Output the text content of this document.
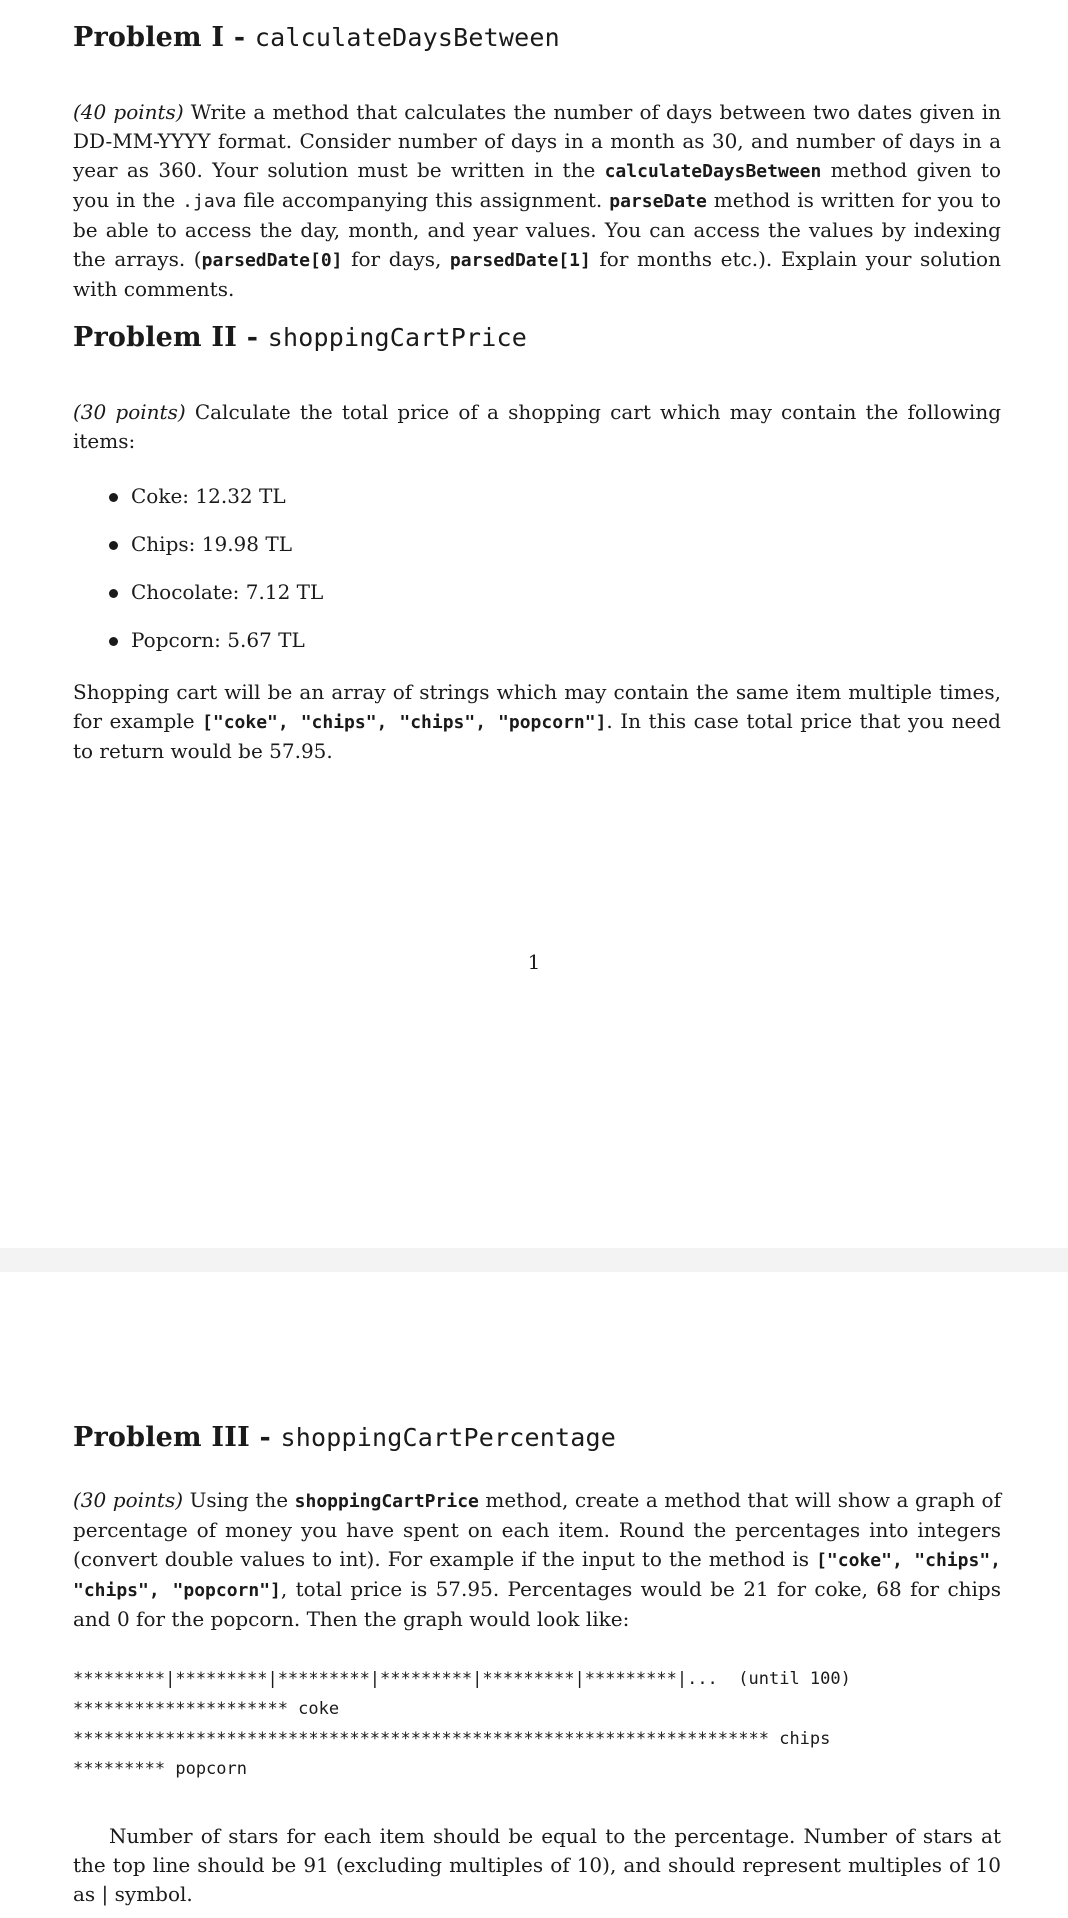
Problem I - calculateDaysBetween

(40 points) Write a method that calculates the number of days between two dates given in DD-MM-YYYY format. Consider number of days in a month as 30, and number of days in a year as 360. Your solution must be written in the calculateDaysBetween method given to you in the .java file accompanying this assignment. parseDate method is written for you to be able to access the day, month, and year values. You can access the values by indexing the arrays. (parsedDate[0] for days, parsedDate[1] for months etc.). Explain your solution with comments.

Problem II - shoppingCartPrice

(30 points) Calculate the total price of a shopping cart which may contain the following items:

Coke: 12.32 TL
Chips: 19.98 TL
Chocolate: 7.12 TL
Popcorn: 5.67 TL

Shopping cart will be an array of strings which may contain the same item multiple times, for example ["coke", "chips", "chips", "popcorn"]. In this case total price that you need to return would be 57.95.

1
Problem III - shoppingCartPercentage

(30 points) Using the shoppingCartPrice method, create a method that will show a graph of percentage of money you have spent on each item. Round the percentages into integers (convert double values to int). For example if the input to the method is ["coke", "chips", "chips", "popcorn"], total price is 57.95. Percentages would be 21 for coke, 68 for chips and 0 for the popcorn. Then the graph would look like:

*********|*********|*********|*********|*********|*********|...  (until 100)
********************* coke
******************************************************************** chips
********* popcorn

Number of stars for each item should be equal to the percentage. Number of stars at the top line should be 91 (excluding multiples of 10), and should represent multiples of 10 as | symbol.
